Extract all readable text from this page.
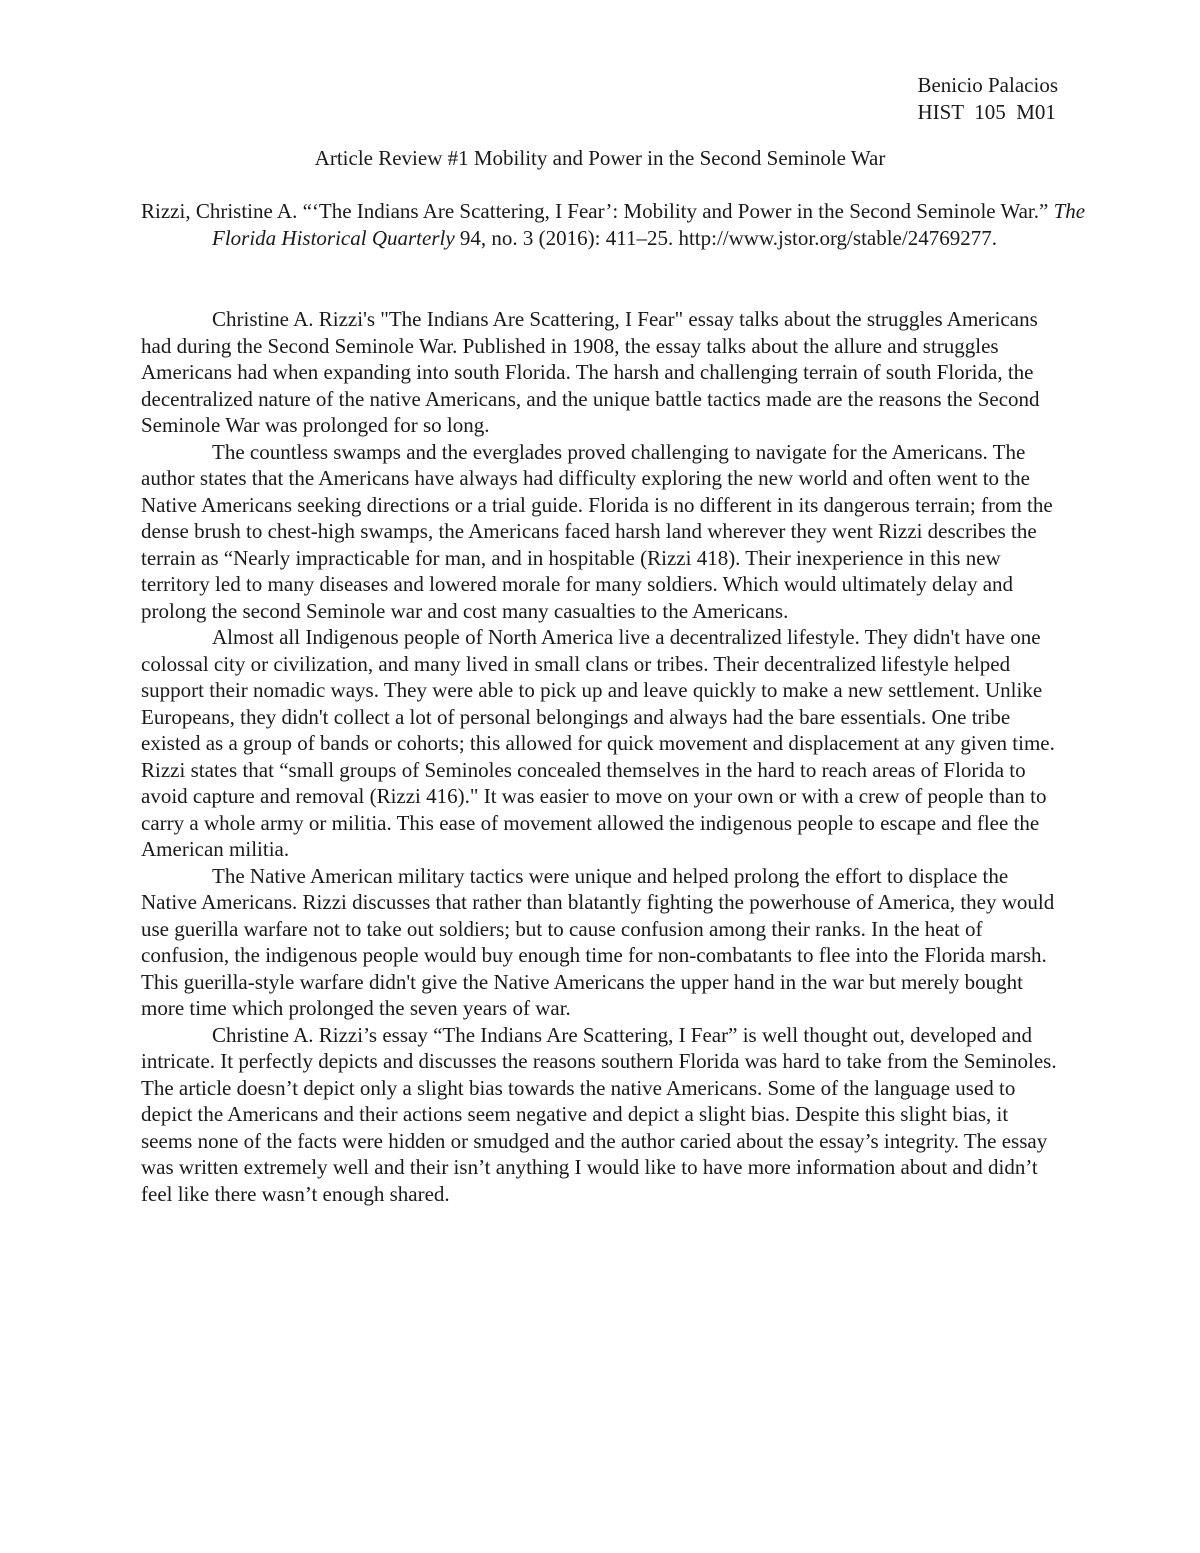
Benicio Palacios
HIST  105  M01
Article Review #1 Mobility and Power in the Second Seminole War
Rizzi, Christine A. “‘The Indians Are Scattering, I Fear’: Mobility and Power in the Second Seminole War.” The Florida Historical Quarterly 94, no. 3 (2016): 411–25. http://www.jstor.org/stable/24769277.

Christine A. Rizzi's "The Indians Are Scattering, I Fear" essay talks about the struggles Americans had during the Second Seminole War. Published in 1908, the essay talks about the allure and struggles Americans had when expanding into south Florida. The harsh and challenging terrain of south Florida, the decentralized nature of the native Americans, and the unique battle tactics made are the reasons the Second Seminole War was prolonged for so long.

The countless swamps and the everglades proved challenging to navigate for the Americans. The author states that the Americans have always had difficulty exploring the new world and often went to the Native Americans seeking directions or a trial guide. Florida is no different in its dangerous terrain; from the dense brush to chest-high swamps, the Americans faced harsh land wherever they went Rizzi describes the terrain as “Nearly impracticable for man, and in hospitable (Rizzi 418). Their inexperience in this new territory led to many diseases and lowered morale for many soldiers. Which would ultimately delay and prolong the second Seminole war and cost many casualties to the Americans.

Almost all Indigenous people of North America live a decentralized lifestyle. They didn't have one colossal city or civilization, and many lived in small clans or tribes. Their decentralized lifestyle helped support their nomadic ways. They were able to pick up and leave quickly to make a new settlement. Unlike Europeans, they didn't collect a lot of personal belongings and always had the bare essentials. One tribe existed as a group of bands or cohorts; this allowed for quick movement and displacement at any given time. Rizzi states that “small groups of Seminoles concealed themselves in the hard to reach areas of Florida to avoid capture and removal (Rizzi 416)." It was easier to move on your own or with a crew of people than to carry a whole army or militia. This ease of movement allowed the indigenous people to escape and flee the American militia.

The Native American military tactics were unique and helped prolong the effort to displace the Native Americans. Rizzi discusses that rather than blatantly fighting the powerhouse of America, they would use guerilla warfare not to take out soldiers; but to cause confusion among their ranks. In the heat of confusion, the indigenous people would buy enough time for non-combatants to flee into the Florida marsh. This guerilla-style warfare didn't give the Native Americans the upper hand in the war but merely bought more time which prolonged the seven years of war.

Christine A. Rizzi’s essay “The Indians Are Scattering, I Fear” is well thought out, developed and intricate. It perfectly depicts and discusses the reasons southern Florida was hard to take from the Seminoles. The article doesn’t depict only a slight bias towards the native Americans. Some of the language used to depict the Americans and their actions seem negative and depict a slight bias. Despite this slight bias, it seems none of the facts were hidden or smudged and the author caried about the essay’s integrity. The essay was written extremely well and their isn’t anything I would like to have more information about and didn’t feel like there wasn’t enough shared.
